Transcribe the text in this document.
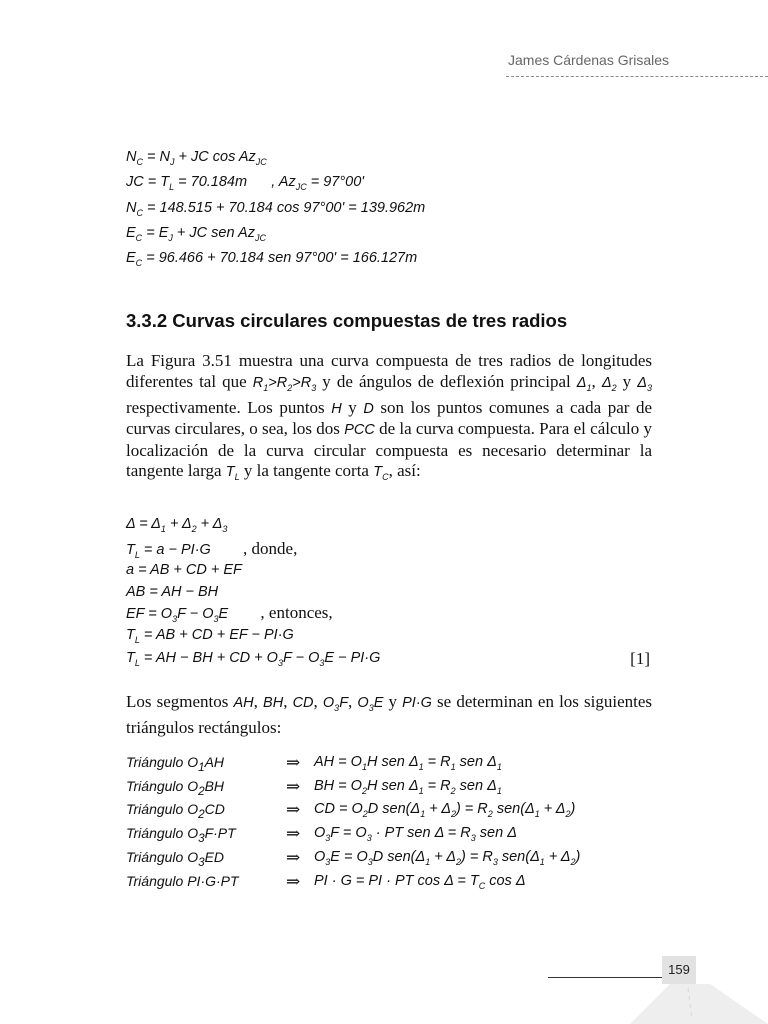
James Cárdenas Grisales
$N_C = N_J$ + JC $\cos Az_{JC}$
JC = $T_L = 70.184m$      , $Az_{JC} = 97^\circ 00'$
$N_C = 148.515 + 70.184$ cos 97°00' = 139.962m
$E_C = E_J$ + JC sen $Az_{JC}$
$E_C = 96.466 + 70.184$ sen 97°00' = 166.127m
3.3.2 Curvas circulares compuestas de tres radios
La Figura 3.51 muestra una curva compuesta de tres radios de longitudes diferentes tal que $R_1>R_2>R_3$ y de ángulos de deflexión principal $\Delta_1$, $\Delta_2$ y $\Delta_3$ respectivamente. Los puntos H y D son los puntos comunes a cada par de curvas circulares, o sea, los dos PCC de la curva compuesta. Para el cálculo y localización de la curva circular compuesta es necesario determinar la tangente larga $T_L$ y la tangente corta $T_C$, así:
$\Delta = \Delta_1 + \Delta_2 + \Delta_3$
$T_L = a - PI\cdot G$        , donde,
a = AB + CD + EF
AB = AH − BH
EF = $O_3F - O_3E$        , entonces,
$T_L$ = AB + CD + EF − PI·G
$T_L$ = AH − BH + CD + $O_3F - O_3E - PI\cdot G$	[1]
Los segmentos AH, BH, CD, $O_3F$, $O_3E$ y PI·G se determinan en los siguientes triángulos rectángulos:
Triángulo $O_1AH$	⇒ AH = $O_1H$ sen $\Delta_1 = R_1$ sen $\Delta_1$
Triángulo $O_2BH$	⇒ BH = $O_2H$ sen $\Delta_1 = R_2$ sen $\Delta_1$
Triángulo $O_2CD$	⇒ CD = $O_2D$ $sen(\Delta_1 + \Delta_2) = R_2$ $sen(\Delta_1 + \Delta_2)$
Triángulo $O_3F\cdot PT$	⇒ $O_3F = O_3$ · PT sen $\Delta = R_3$ sen Δ
Triángulo $O_3ED$	⇒ $O_3E = O_3D$ $sen(\Delta_1 + \Delta_2) = R_3$ $sen(\Delta_1 + \Delta_2)$
Triángulo PI·G·PT	⇒ PI · G = PI · PT $\cos \Delta = T_C$ cos Δ
159
